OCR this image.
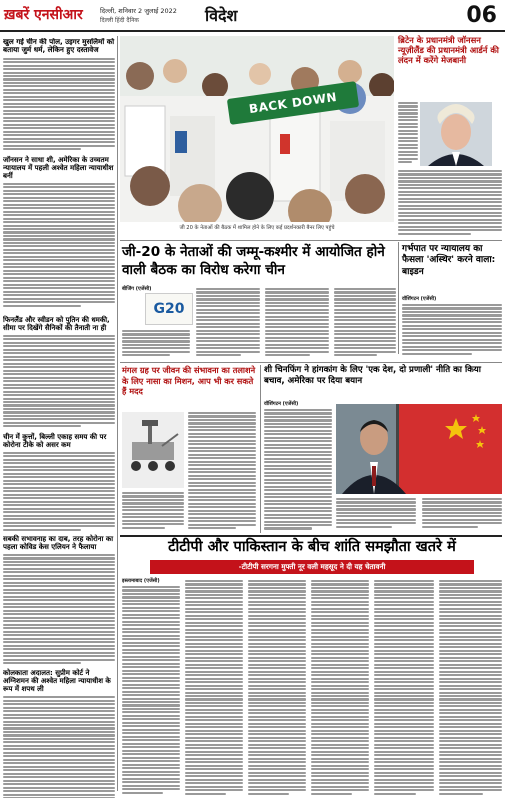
ख़बरें एनसीआर	दिल्ली, शनिवार 2 जुलाई 2022
दिल्ली हिंदी दैनिक	विदेश	06
खुल गई चीन की पोल, उइगर मुसलिमों को बताया जुर्म धर्म, लेकिन हुए दस्तावेज
जॉनसन ने साधा शी, अमेरिका के उच्चतम न्यायालय में पहली अश्वेत महिला न्यायाधीश बनीं
फिनलैंड और स्वीडन को पुतिन की धमकी, सीमा पर दिखेंगे सैनिकों की तैनाती ना ही
चीन में कुत्तों, बिल्ली एकाह समय की पर कोरोना टीके को असर कम
सबकी सभावनाह का दाब, तरह कोरोना का पहला कोविड केस एलियन ने फैलाया
कोलकाता अदालत: सुप्रीम कोर्ट ने अग्निशमन की अश्वेत महिला न्यायाधीश के रूप में शपथ ली
BACK DOWN
जी 20 के नेताओं की बैठक में शामिल होने के लिए कई प्रदर्शनकारी बैनर लिए पहुंचे
ब्रिटेन के प्रधानमंत्री जॉनसन न्यूज़ीलैंड की प्रधानमंत्री आर्डर्न की लंदन में करेंगे मेजबानी
जी-20 के नेताओं की जम्मू-कश्मीर में आयोजित होने वाली बैठक का विरोध करेगा चीन
गर्भपात पर न्यायालय का फैसला 'अस्थिर' करने वाला: बाइडन
वॉशिंगटन (एजेंसी)
बीजिंग (एजेंसी)
G20
मंगल ग्रह पर जीवन की संभावना का तलाशने के लिए नासा का मिशन, आप भी कर सकते हैं मदद
शी चिनफिंग ने हांगकांग के लिए 'एक देश, दो प्रणाली' नीति का किया बचाव, अमेरिका पर दिया बयान
वॉशिंगटन (एजेंसी)
टीटीपी और पाकिस्तान के बीच शांति समझौता खतरे में
-टीटीपी सरगना मुफ्ती नूर वली महसूद ने दी यह चेतावनी
इस्लामाबाद (एजेंसी)
